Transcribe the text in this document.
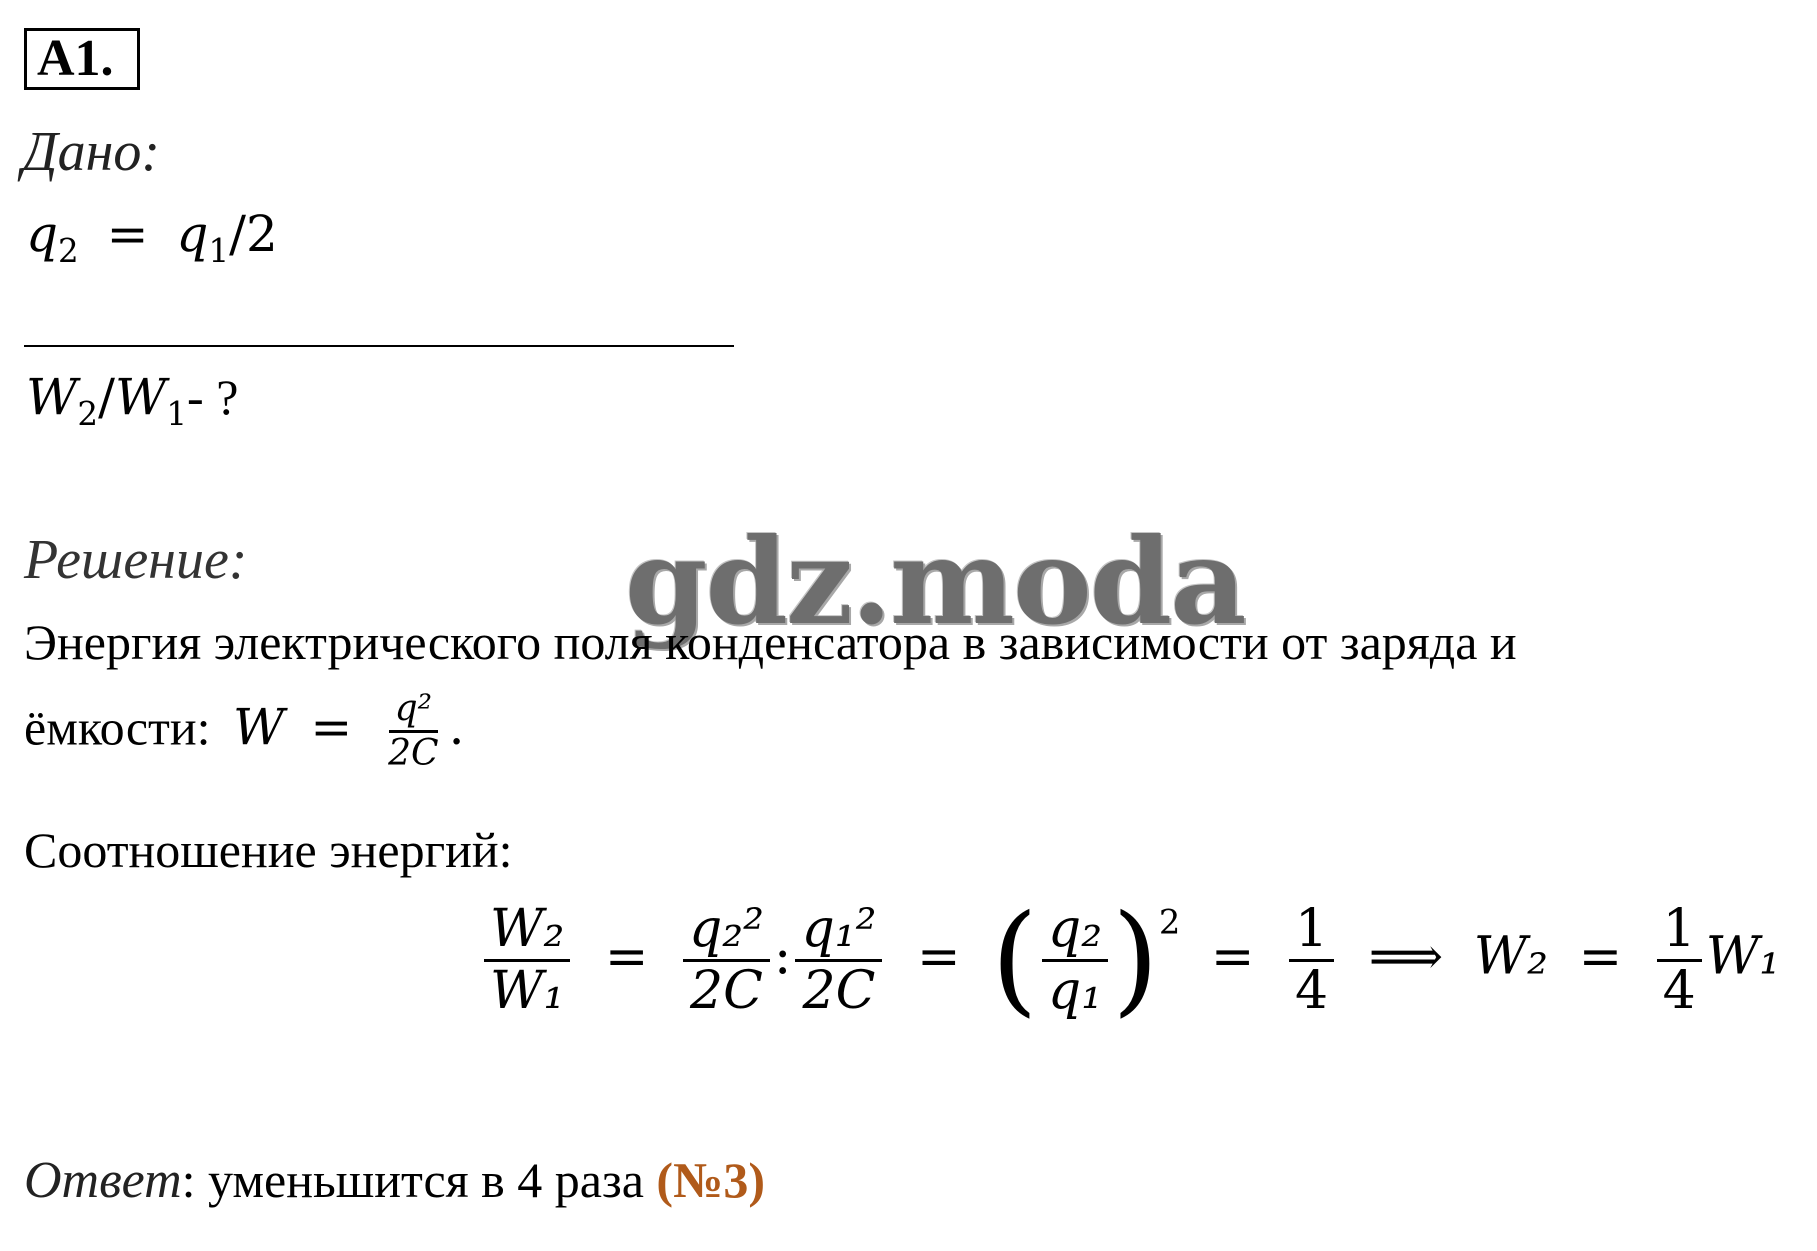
A1.
Дано:
$q_2 = q_1/2$
$W_2/W_1-$ ?
Решение:	gdz.moda
Энергия электрического поля конденсатора в зависимости от заряда и
ёмкости: $W = \frac{\text{q²}}{2C}$ .
Соотношение энергий:
$\frac{\text{W₂}}{\text{W₁}} = \frac{\text{q₂²}}{2C}$ : $\frac{\text{q₁²}}{2C}$ = ( $\frac{\text{q₂}}{\text{q₁}} )^2 = \frac{1}{4}$ ⟹ $W_2 = \frac{1}{4} W_1$
Ответ: уменьшится в 4 раза (№3)
